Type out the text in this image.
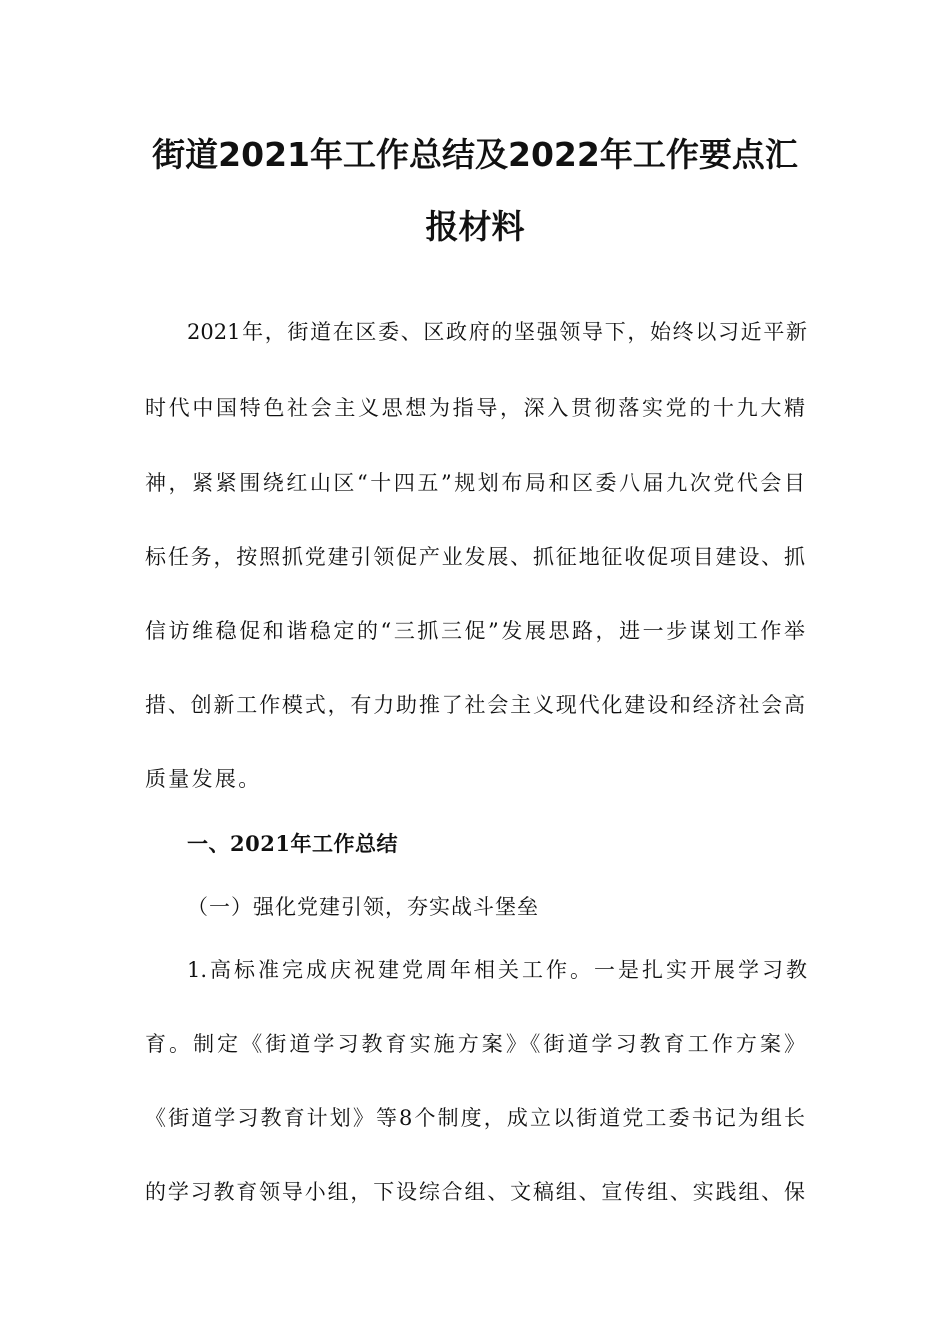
街道2021年工作总结及2022年工作要点汇
报材料
2021年，街道在区委、区政府的坚强领导下，始终以习近平新
时代中国特色社会主义思想为指导，深入贯彻落实党的十九大精
神，紧紧围绕红山区“十四五”规划布局和区委八届九次党代会目
标任务，按照抓党建引领促产业发展、抓征地征收促项目建设、抓
信访维稳促和谐稳定的“三抓三促”发展思路，进一步谋划工作举
措、创新工作模式，有力助推了社会主义现代化建设和经济社会高
质量发展。
一、2021年工作总结
（一）强化党建引领，夯实战斗堡垒
1.高标准完成庆祝建党周年相关工作。一是扎实开展学习教
育。制定《街道学习教育实施方案》《街道学习教育工作方案》
《街道学习教育计划》等8个制度，成立以街道党工委书记为组长
的学习教育领导小组，下设综合组、文稿组、宣传组、实践组、保
